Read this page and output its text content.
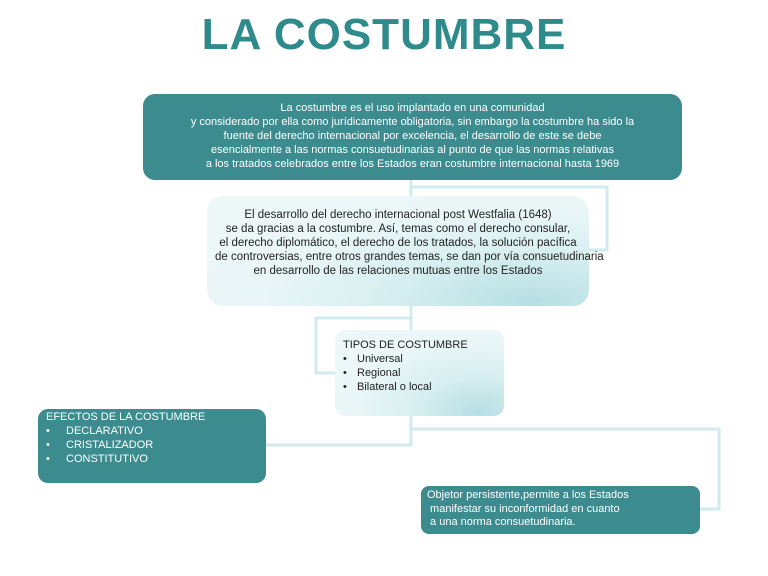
LA COSTUMBRE
La costumbre es el uso implantado en una comunidad
y considerado por ella como jurídicamente obligatoria, sin embargo la costumbre ha sido la
fuente del derecho internacional por excelencia, el desarrollo de este se debe
esencialmente a las normas consuetudinarias al punto de que las normas relativas
a los tratados celebrados entre los Estados eran costumbre internacional hasta 1969
El desarrollo del derecho internacional post Westfalia (1648)
se da gracias a la costumbre. Así, temas como el derecho consular,
el derecho diplomático, el derecho de los tratados, la solución pacífica
de controversias, entre otros grandes temas, se dan por vía consuetudinaria
en desarrollo de las relaciones mutuas entre los Estados
TIPOS DE COSTUMBRE
• Universal
• Regional
• Bilateral o local
EFECTOS DE LA COSTUMBRE
• DECLARATIVO
• CRISTALIZADOR
• CONSTITUTIVO
Objetor persistente,permite a los Estados
manifestar su inconformidad en cuanto
a una norma consuetudinaria.
